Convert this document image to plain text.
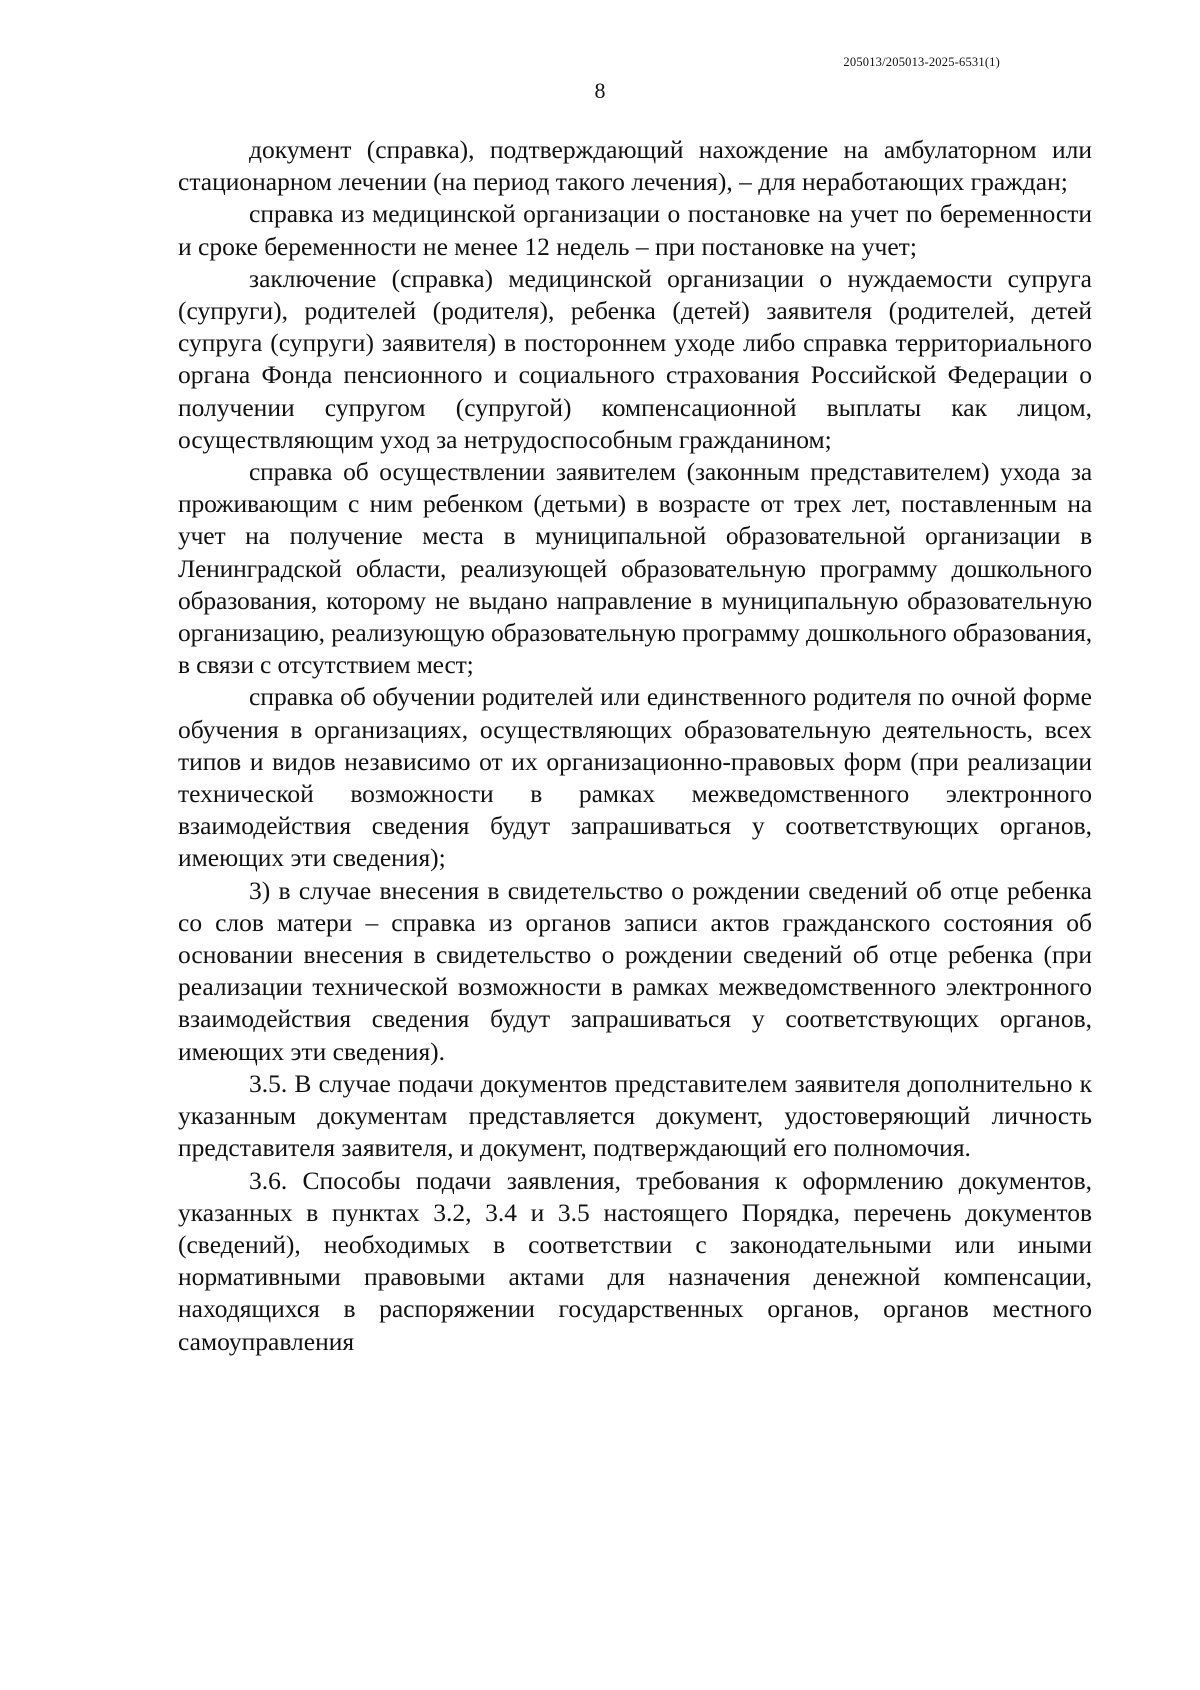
205013/205013-2025-6531(1)
8

документ (справка), подтверждающий нахождение на амбулаторном или стационарном лечении (на период такого лечения), – для неработающих граждан;

справка из медицинской организации о постановке на учет по беременности и сроке беременности не менее 12 недель – при постановке на учет;

заключение (справка) медицинской организации о нуждаемости супруга (супруги), родителей (родителя), ребенка (детей) заявителя (родителей, детей супруга (супруги) заявителя) в постороннем уходе либо справка территориального органа Фонда пенсионного и социального страхования Российской Федерации о получении супругом (супругой) компенсационной выплаты как лицом, осуществляющим уход за нетрудоспособным гражданином;

справка об осуществлении заявителем (законным представителем) ухода за проживающим с ним ребенком (детьми) в возрасте от трех лет, поставленным на учет на получение места в муниципальной образовательной организации в Ленинградской области, реализующей образовательную программу дошкольного образования, которому не выдано направление в муниципальную образовательную организацию, реализующую образовательную программу дошкольного образования, в связи с отсутствием мест;

справка об обучении родителей или единственного родителя по очной форме обучения в организациях, осуществляющих образовательную деятельность, всех типов и видов независимо от их организационно-правовых форм (при реализации технической возможности в рамках межведомственного электронного взаимодействия сведения будут запрашиваться у соответствующих органов, имеющих эти сведения);

3) в случае внесения в свидетельство о рождении сведений об отце ребенка со слов матери – справка из органов записи актов гражданского состояния об основании внесения в свидетельство о рождении сведений об отце ребенка (при реализации технической возможности в рамках межведомственного электронного взаимодействия сведения будут запрашиваться у соответствующих органов, имеющих эти сведения).

3.5. В случае подачи документов представителем заявителя дополнительно к указанным документам представляется документ, удостоверяющий личность представителя заявителя, и документ, подтверждающий его полномочия.

3.6. Способы подачи заявления, требования к оформлению документов, указанных в пунктах 3.2, 3.4 и 3.5 настоящего Порядка, перечень документов (сведений), необходимых в соответствии с законодательными или иными нормативными правовыми актами для назначения денежной компенсации, находящихся в распоряжении государственных органов, органов местного самоуправления
